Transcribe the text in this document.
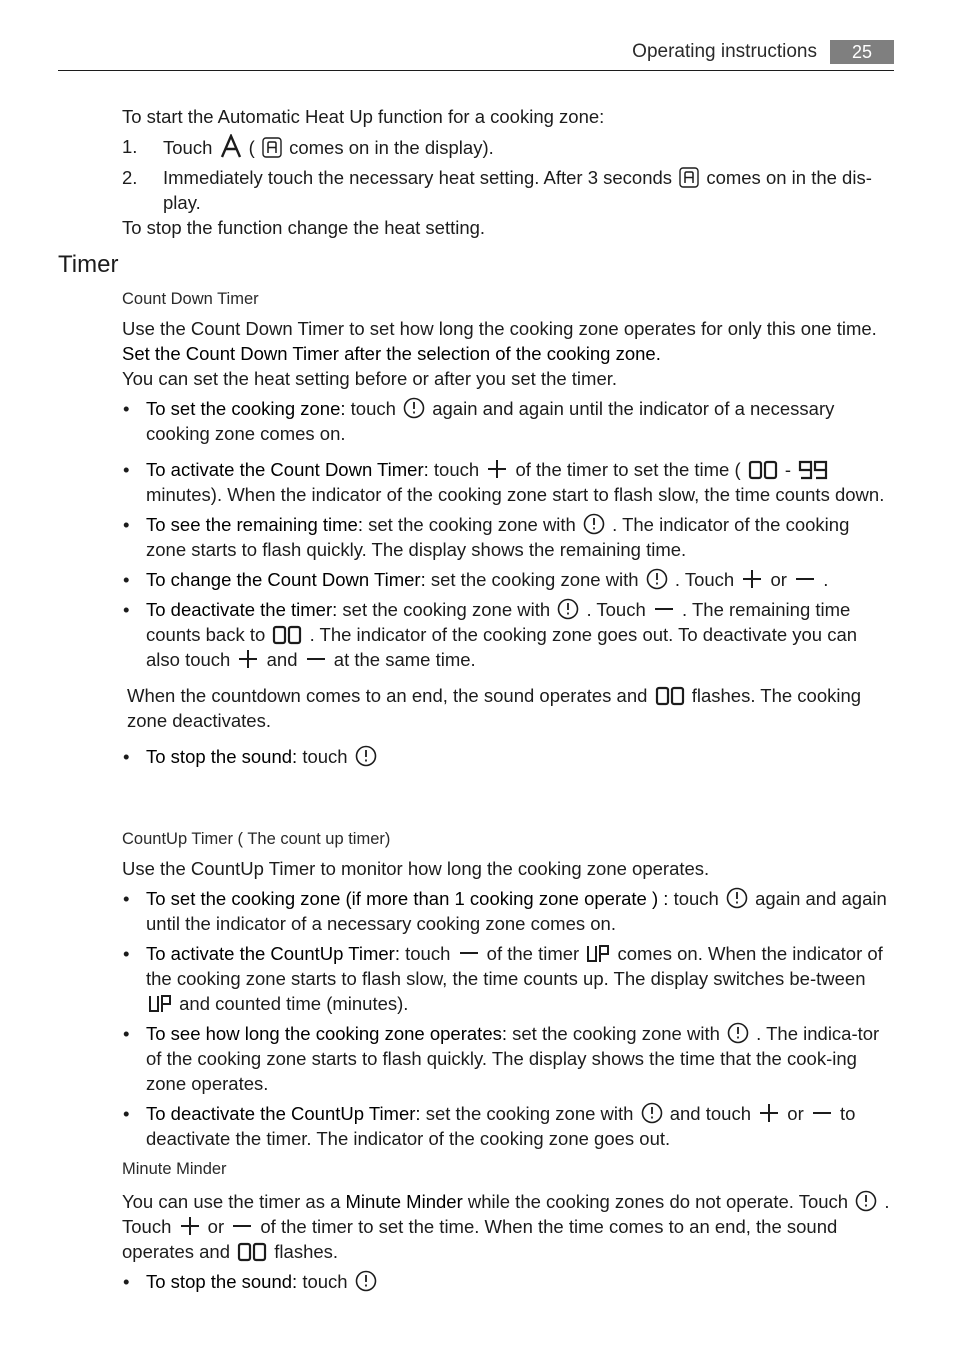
Operating instructions	25

To start the Automatic Heat Up function for a cooking zone:

1.	Touch ( comes on in the display).
2.	Immediately touch the necessary heat setting. After 3 seconds comes on in the dis-play.

To stop the function change the heat setting.

Timer

Count Down Timer

Use the Count Down Timer to set how long the cooking zone operates for only this one time.

Set the Count Down Timer after the selection of the cooking zone.

You can set the heat setting before or after you set the timer.

• To set the cooking zone: touch again and again until the indicator of a necessary cooking zone comes on.
• To activate the Count Down Timer: touch of the timer to set the time ( -  minutes). When the indicator of the cooking zone start to flash slow, the time counts down.
• To see the remaining time: set the cooking zone with . The indicator of the cooking zone starts to flash quickly. The display shows the remaining time.
• To change the Count Down Timer: set the cooking zone with . Touch or .
• To deactivate the timer: set the cooking zone with . Touch . The remaining time counts back to . The indicator of the cooking zone goes out. To deactivate you can also touch and at the same time.

When the countdown comes to an end, the sound operates and flashes. The cooking zone deactivates.

• To stop the sound: touch

CountUp Timer ( The count up timer)

Use the CountUp Timer to monitor how long the cooking zone operates.

• To set the cooking zone (if more than 1 cooking zone operate ) : touch again and again until the indicator of a necessary cooking zone comes on.
• To activate the CountUp Timer: touch of the timer comes on. When the indicator of the cooking zone starts to flash slow, the time counts up. The display switches be-tween  and counted time (minutes).
• To see how long the cooking zone operates: set the cooking zone with . The indica-tor of the cooking zone starts to flash quickly. The display shows the time that the cook-ing zone operates.
• To deactivate the CountUp Timer: set the cooking zone with and touch or to deactivate the timer. The indicator of the cooking zone goes out.

Minute Minder

You can use the timer as a Minute Minder while the cooking zones do not operate. Touch . Touch or of the timer to set the time. When the time comes to an end, the sound operates and flashes.

• To stop the sound: touch
